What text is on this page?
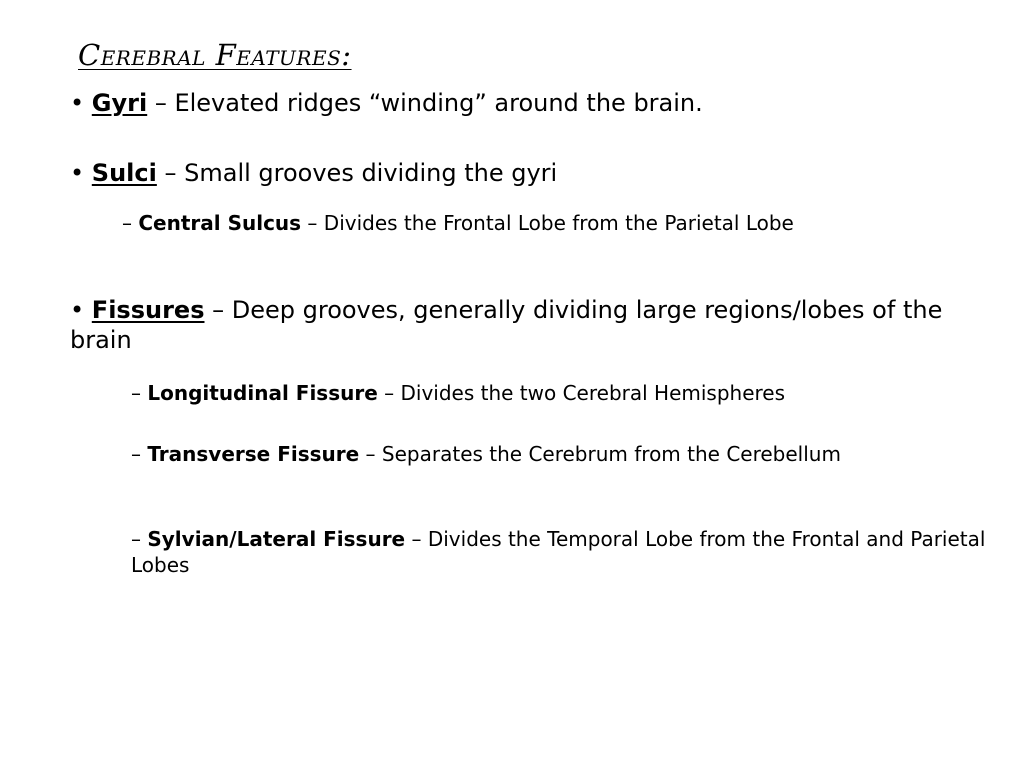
Cerebral Features:

• Gyri – Elevated ridges “winding” around the brain.

• Sulci – Small grooves dividing the gyri

– Central Sulcus – Divides the Frontal Lobe from the Parietal Lobe

• Fissures – Deep grooves, generally dividing large regions/lobes of the brain

– Longitudinal Fissure – Divides the two Cerebral Hemispheres

– Transverse Fissure – Separates the Cerebrum from the Cerebellum

– Sylvian/Lateral Fissure – Divides the Temporal Lobe from the Frontal and Parietal Lobes
